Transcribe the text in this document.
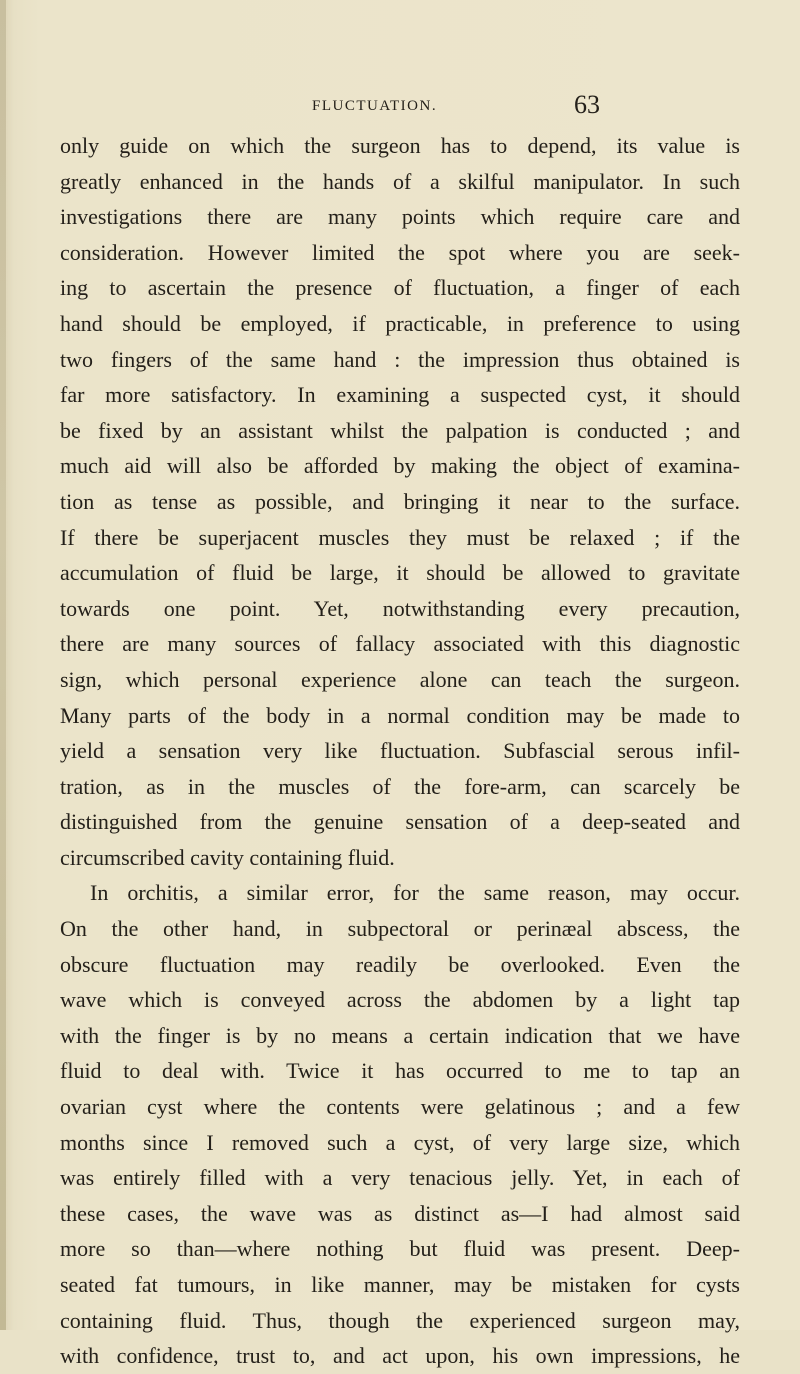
FLUCTUATION.	63
only guide on which the surgeon has to depend, its value is
greatly enhanced in the hands of a skilful manipulator. In such
investigations there are many points which require care and
consideration. However limited the spot where you are seek-
ing to ascertain the presence of fluctuation, a finger of each
hand should be employed, if practicable, in preference to using
two fingers of the same hand : the impression thus obtained is
far more satisfactory. In examining a suspected cyst, it should
be fixed by an assistant whilst the palpation is conducted ; and
much aid will also be afforded by making the object of examina-
tion as tense as possible, and bringing it near to the surface.
If there be superjacent muscles they must be relaxed ; if the
accumulation of fluid be large, it should be allowed to gravitate
towards one point. Yet, notwithstanding every precaution,
there are many sources of fallacy associated with this diagnostic
sign, which personal experience alone can teach the surgeon.
Many parts of the body in a normal condition may be made to
yield a sensation very like fluctuation. Subfascial serous infil-
tration, as in the muscles of the fore-arm, can scarcely be
distinguished from the genuine sensation of a deep-seated and
circumscribed cavity containing fluid.
In orchitis, a similar error, for the same reason, may occur.
On the other hand, in subpectoral or perinæal abscess, the
obscure fluctuation may readily be overlooked. Even the
wave which is conveyed across the abdomen by a light tap
with the finger is by no means a certain indication that we have
fluid to deal with. Twice it has occurred to me to tap an
ovarian cyst where the contents were gelatinous ; and a few
months since I removed such a cyst, of very large size, which
was entirely filled with a very tenacious jelly. Yet, in each of
these cases, the wave was as distinct as—I had almost said
more so than—where nothing but fluid was present. Deep-
seated fat tumours, in like manner, may be mistaken for cysts
containing fluid. Thus, though the experienced surgeon may,
with confidence, trust to, and act upon, his own impressions, he
